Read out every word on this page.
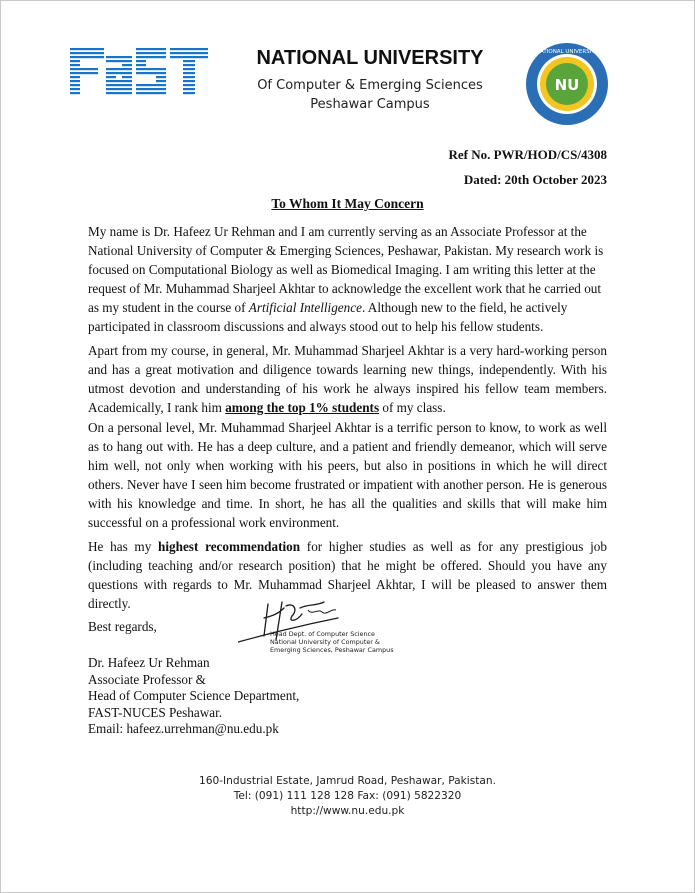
NATIONAL UNIVERSITY
Of Computer & Emerging Sciences
Peshawar Campus
NU
NATIONAL UNIVERSITY
Ref No. PWR/HOD/CS/4308
Dated: 20th October 2023
To Whom It May Concern
My name is Dr. Hafeez Ur Rehman and I am currently serving as an Associate Professor at the National University of Computer & Emerging Sciences, Peshawar, Pakistan. My research work is focused on Computational Biology as well as Biomedical Imaging. I am writing this letter at the request of Mr. Muhammad Sharjeel Akhtar to acknowledge the excellent work that he carried out as my student in the course of Artificial Intelligence. Although new to the field, he actively participated in classroom discussions and always stood out to help his fellow students.
Apart from my course, in general, Mr. Muhammad Sharjeel Akhtar is a very hard-working person and has a great motivation and diligence towards learning new things, independently. With his utmost devotion and understanding of his work he always inspired his fellow team members. Academically, I rank him among the top 1% students of my class.
On a personal level, Mr. Muhammad Sharjeel Akhtar is a terrific person to know, to work as well as to hang out with. He has a deep culture, and a patient and friendly demeanor, which will serve him well, not only when working with his peers, but also in positions in which he will direct others. Never have I seen him become frustrated or impatient with another person. He is generous with his knowledge and time. In short, he has all the qualities and skills that will make him successful on a professional work environment.
He has my highest recommendation for higher studies as well as for any prestigious job (including teaching and/or research position) that he might be offered. Should you have any questions with regards to Mr. Muhammad Sharjeel Akhtar, I will be pleased to answer them directly.
Best regards,	Head Dept. of Computer Science
National University of Computer &
Emerging Sciences, Peshawar Campus
Dr. Hafeez Ur Rehman
Associate Professor &
Head of Computer Science Department,
FAST-NUCES Peshawar.
Email: hafeez.urrehman@nu.edu.pk
160-Industrial Estate, Jamrud Road, Peshawar, Pakistan.
Tel: (091) 111 128 128 Fax: (091) 5822320
http://www.nu.edu.pk
